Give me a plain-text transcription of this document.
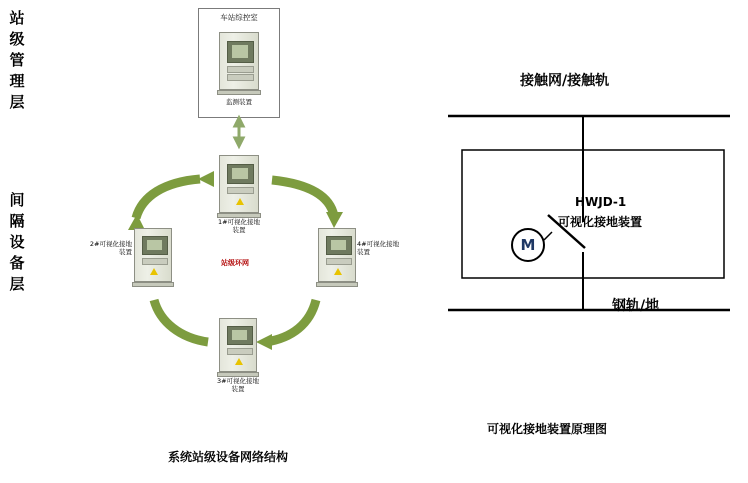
站
级
管
理
层
间
隔
设
备
层
车站综控室
监测装置
1#可视化接地装置
站级环网
4#可视化接地装置
3#可视化接地装置
2#可视化接地装置
接触网/接触轨
钢轨/地
HWJD-1
可视化接地装置
M
系统站级设备网络结构
可视化接地装置原理图
